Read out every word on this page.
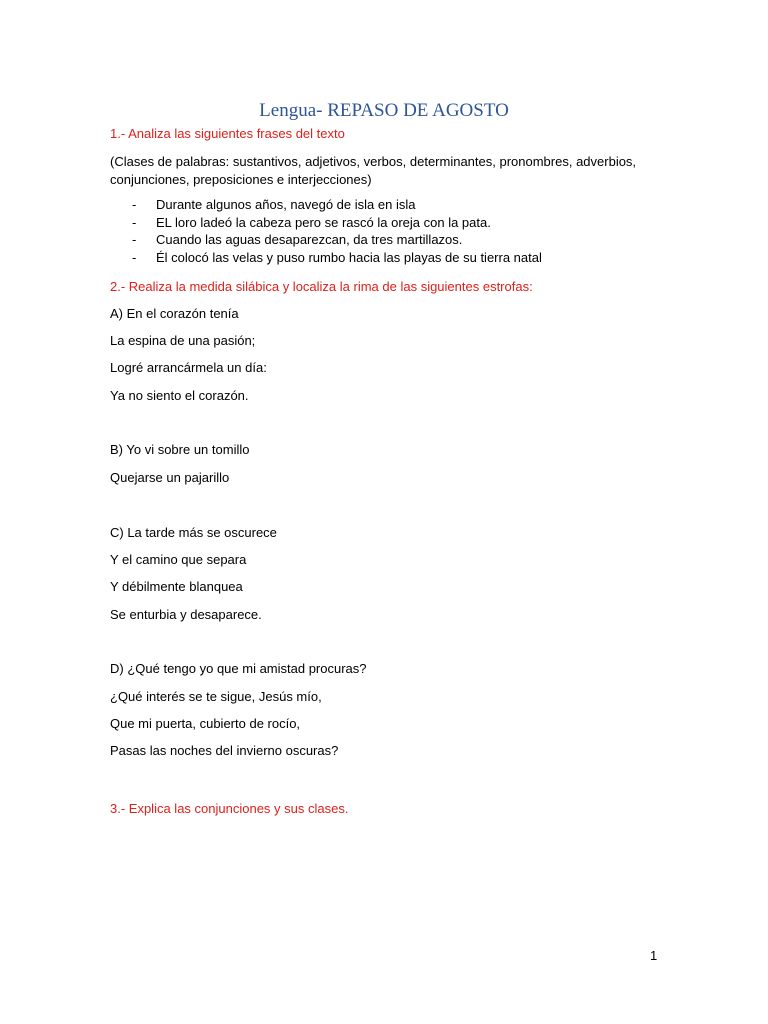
Lengua- REPASO DE AGOSTO
1.- Analiza las siguientes frases del texto
(Clases de palabras: sustantivos, adjetivos, verbos, determinantes, pronombres, adverbios,
conjunciones, preposiciones e interjecciones)
- Durante algunos años, navegó de isla en isla
- EL loro ladeó la cabeza pero se rascó la oreja con la pata.
- Cuando las aguas desaparezcan, da tres martillazos.
- Él colocó las velas y puso rumbo hacia las playas de su tierra natal
2.- Realiza la medida silábica y localiza la rima de las siguientes estrofas:
A) En el corazón tenía
La espina de una pasión;
Logré arrancármela un día:
Ya no siento el corazón.
B) Yo vi sobre un tomillo
Quejarse un pajarillo
C) La tarde más se oscurece
Y el camino que separa
Y débilmente blanquea
Se enturbia y desaparece.
D) ¿Qué tengo yo que mi amistad procuras?
¿Qué interés se te sigue, Jesús mío,
Que mi puerta, cubierto de rocío,
Pasas las noches del invierno oscuras?
3.- Explica las conjunciones y sus clases.
1
